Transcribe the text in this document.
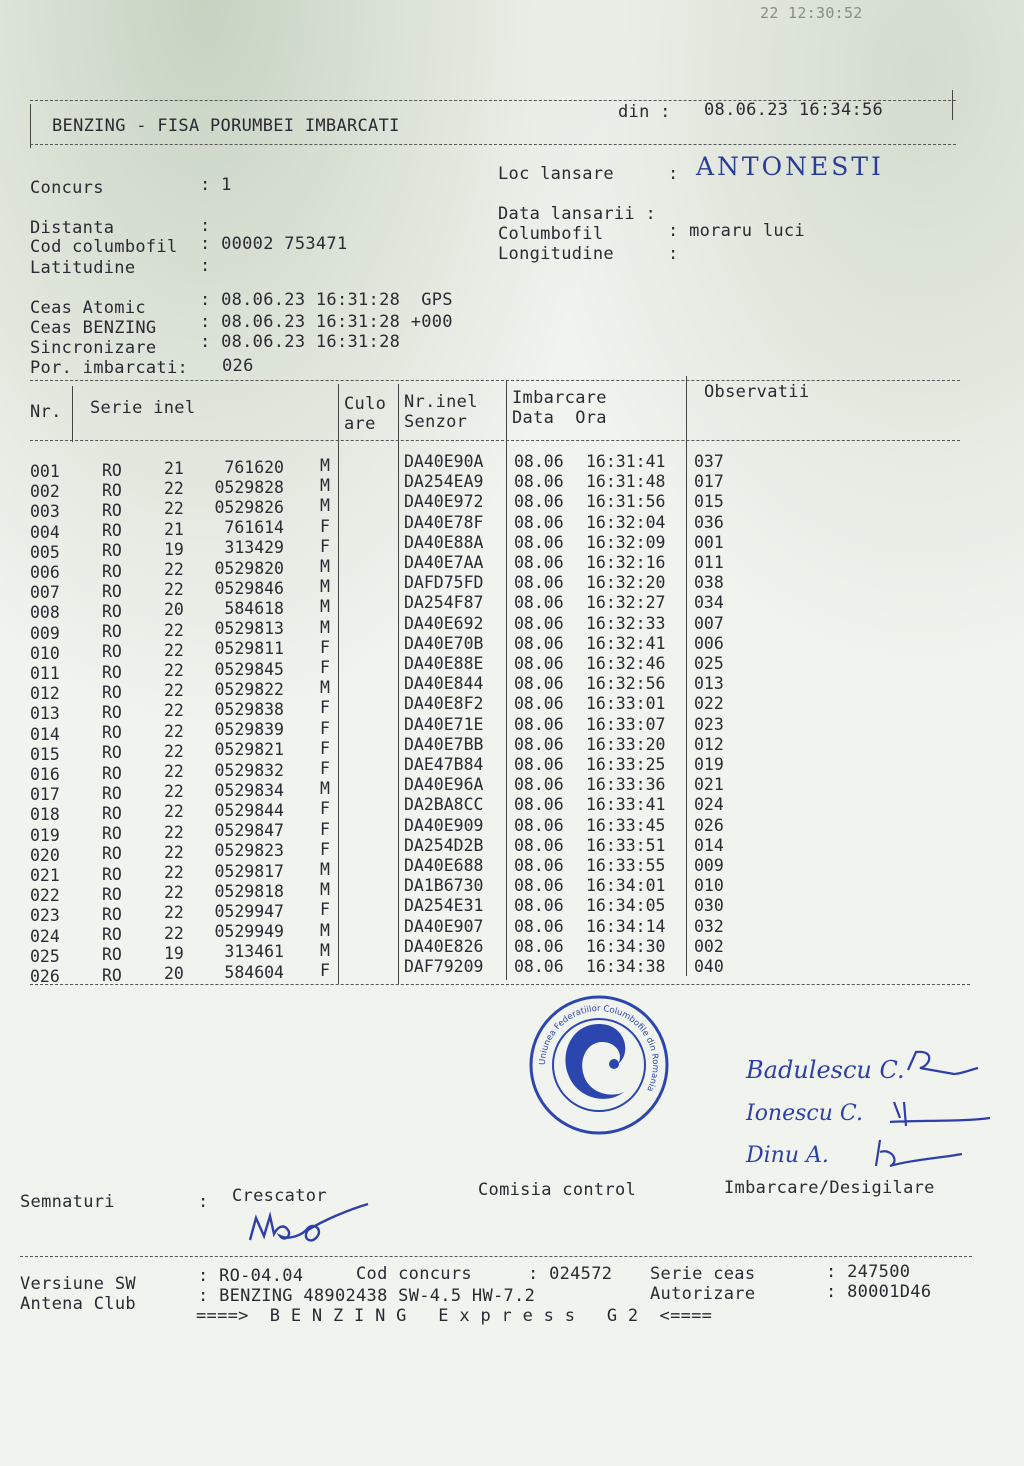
22 12:30:52
BENZING - FISA PORUMBEI IMBARCATI
din : 08.06.23 16:34:56
Concurs	: 1
Distanta	:
Cod columbofil : 00002 753471
Latitudine	:
Loc lansare	: ANTONESTI
Data lansarii :
Columbofil	: moraru luci
Longitudine	:
Ceas Atomic	: 08.06.23 16:31:28  GPS
Ceas BENZING	: 08.06.23 16:31:28 +000
Sincronizare	: 08.06.23 16:31:28
Por. imbarcati: 026
Nr. Serie inel	Culo
are
Nr.inel
Senzor
Imbarcare
Data  Ora
Observatii
001	RO	21	761620 M	DA40E90A 08.06 16:31:41 037
002	RO	22	0529828 M	DA254EA9 08.06 16:31:48 017
003	RO	22	0529826 M	DA40E972 08.06 16:31:56 015
004	RO	21	761614 F	DA40E78F 08.06 16:32:04 036
005	RO	19	313429 F	DA40E88A 08.06 16:32:09 001
006	RO	22	0529820 M	DA40E7AA 08.06 16:32:16 011
007	RO	22	0529846 M	DAFD75FD 08.06 16:32:20 038
008	RO	20	584618 M	DA254F87 08.06 16:32:27 034
009	RO	22	0529813 M	DA40E692 08.06 16:32:33 007
010	RO	22	0529811 F	DA40E70B 08.06 16:32:41 006
011	RO	22	0529845 F	DA40E88E 08.06 16:32:46 025
012	RO	22	0529822 M	DA40E844 08.06 16:32:56 013
013	RO	22	0529838 F	DA40E8F2 08.06 16:33:01 022
014	RO	22	0529839 F	DA40E71E 08.06 16:33:07 023
015	RO	22	0529821 F	DA40E7BB 08.06 16:33:20 012
016	RO	22	0529832 F	DAE47B84 08.06 16:33:25 019
017	RO	22	0529834 M	DA40E96A 08.06 16:33:36 021
018	RO	22	0529844 F	DA2BA8CC 08.06 16:33:41 024
019	RO	22	0529847 F	DA40E909 08.06 16:33:45 026
020	RO	22	0529823 F	DA254D2B 08.06 16:33:51 014
021	RO	22	0529817 M	DA40E688 08.06 16:33:55 009
022	RO	22	0529818 M	DA1B6730 08.06 16:34:01 010
023	RO	22	0529947 F	DA254E31 08.06 16:34:05 030
024	RO	22	0529949 M	DA40E907 08.06 16:34:14 032
025	RO	19	313461 M	DA40E826 08.06 16:34:30 002
026	RO	20	584604 F	DAF79209 08.06 16:34:38 040
Uniunea Federatiilor Columbofile din Romania
Badulescu C.
Ionescu C.
Dinu A.
Semnaturi	: Crescator	Comisia control	Imbarcare/Desigilare
Versiune SW	: RO-04.04	Cod concurs	: 024572 Serie ceas	: 247500
Antena Club	: BENZING 48902438 SW-4.5 HW-7.2	Autorizare	: 80001D46
====>  B E N Z I N G   E x p r e s s   G 2  <====
